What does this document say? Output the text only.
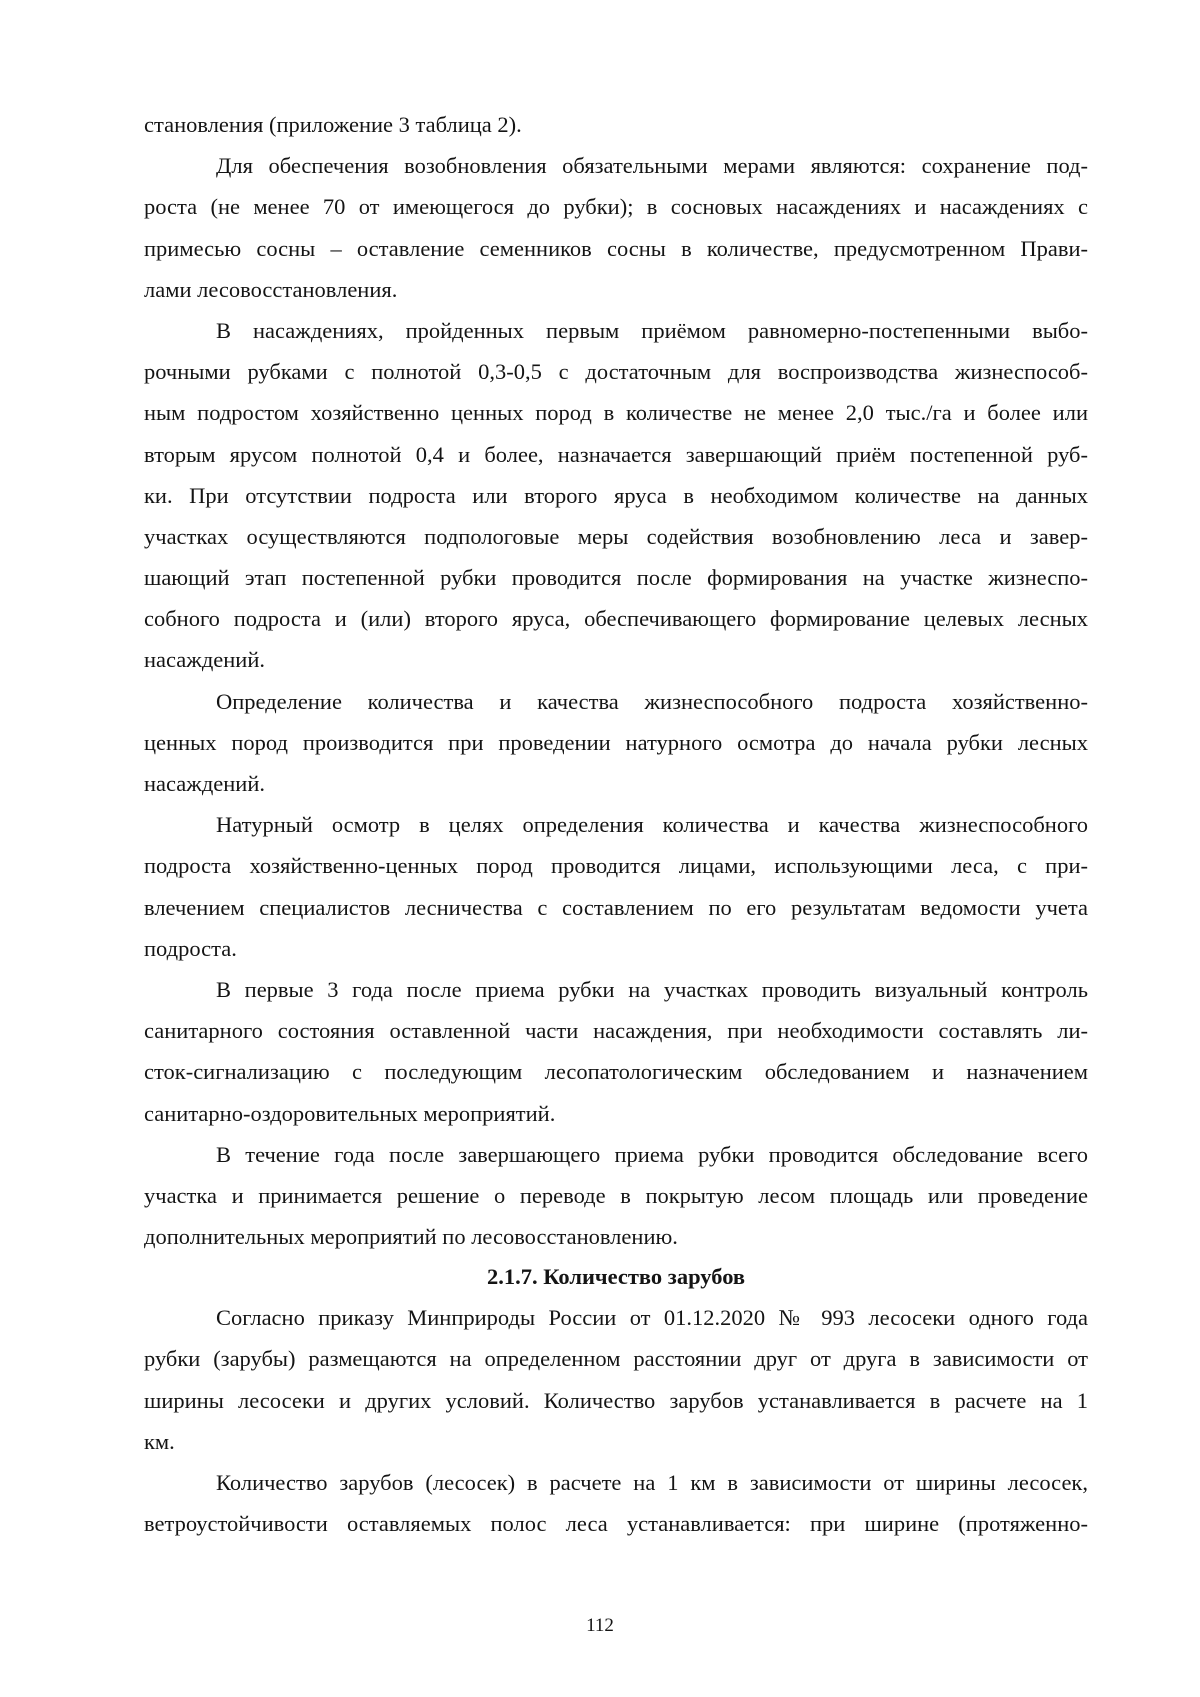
становления (приложение 3 таблица 2).
Для обеспечения возобновления обязательными мерами являются: сохранение под-
роста (не менее 70 от имеющегося до рубки); в сосновых насаждениях и насаждениях с
примесью сосны – оставление семенников сосны в количестве, предусмотренном Прави-
лами лесовосстановления.
В насаждениях, пройденных первым приёмом равномерно-постепенными выбо-
рочными рубками с полнотой 0,3-0,5 с достаточным для воспроизводства жизнеспособ-
ным подростом хозяйственно ценных пород в количестве не менее 2,0 тыс./га и более или
вторым ярусом полнотой 0,4 и более, назначается завершающий приём постепенной руб-
ки. При отсутствии подроста или второго яруса в необходимом количестве на данных
участках осуществляются подпологовые меры содействия возобновлению леса и завер-
шающий этап постепенной рубки проводится после формирования на участке жизнеспо-
собного подроста и (или) второго яруса, обеспечивающего формирование целевых лесных
насаждений.
Определение количества и качества жизнеспособного подроста хозяйственно-
ценных пород производится при проведении натурного осмотра до начала рубки лесных
насаждений.
Натурный осмотр в целях определения количества и качества жизнеспособного
подроста хозяйственно-ценных пород проводится лицами, использующими леса, с при-
влечением специалистов лесничества с составлением по его результатам ведомости учета
подроста.
В первые 3 года после приема рубки на участках проводить визуальный контроль
санитарного состояния оставленной части насаждения, при необходимости составлять ли-
сток-сигнализацию с последующим лесопатологическим обследованием и назначением
санитарно-оздоровительных мероприятий.
В течение года после завершающего приема рубки проводится обследование всего
участка и принимается решение о переводе в покрытую лесом площадь или проведение
дополнительных мероприятий по лесовосстановлению.
2.1.7. Количество зарубов
Согласно приказу Минприроды России от 01.12.2020 № 993 лесосеки одного года
рубки (зарубы) размещаются на определенном расстоянии друг от друга в зависимости от
ширины лесосеки и других условий. Количество зарубов устанавливается в расчете на 1
км.
Количество зарубов (лесосек) в расчете на 1 км в зависимости от ширины лесосек,
ветроустойчивости оставляемых полос леса устанавливается: при ширине (протяженно-
112
